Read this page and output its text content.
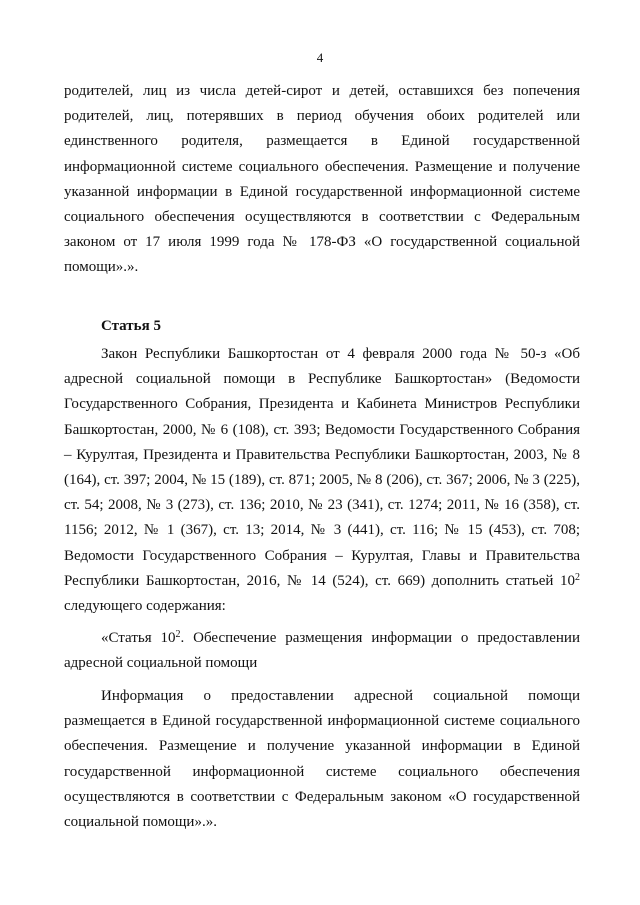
4

родителей, лиц из числа детей-сирот и детей, оставшихся без попечения родителей, лиц, потерявших в период обучения обоих родителей или единственного родителя, размещается в Единой государственной информационной системе социального обеспечения. Размещение и получение указанной информации в Единой государственной информационной системе социального обеспечения осуществляются в соответствии с Федеральным законом от 17 июля 1999 года № 178-ФЗ «О государственной социальной помощи».».

Статья 5

Закон Республики Башкортостан от 4 февраля 2000 года № 50-з «Об адресной социальной помощи в Республике Башкортостан» (Ведомости Государственного Собрания, Президента и Кабинета Министров Республики Башкортостан, 2000, № 6 (108), ст. 393; Ведомости Государственного Собрания – Курултая, Президента и Правительства Республики Башкортостан, 2003, № 8 (164), ст. 397; 2004, № 15 (189), ст. 871; 2005, № 8 (206), ст. 367; 2006, № 3 (225), ст. 54; 2008, № 3 (273), ст. 136; 2010, № 23 (341), ст. 1274; 2011, № 16 (358), ст. 1156; 2012, № 1 (367), ст. 13; 2014, № 3 (441), ст. 116; № 15 (453), ст. 708; Ведомости Государственного Собрания – Курултая, Главы и Правительства Республики Башкортостан, 2016, № 14 (524), ст. 669) дополнить статьей $10^2$ следующего содержания:

«Статья $10^2$. Обеспечение размещения информации о предоставлении адресной социальной помощи

Информация о предоставлении адресной социальной помощи размещается в Единой государственной информационной системе социального обеспечения. Размещение и получение указанной информации в Единой государственной информационной системе социального обеспечения осуществляются в соответствии с Федеральным законом «О государственной социальной помощи».».
